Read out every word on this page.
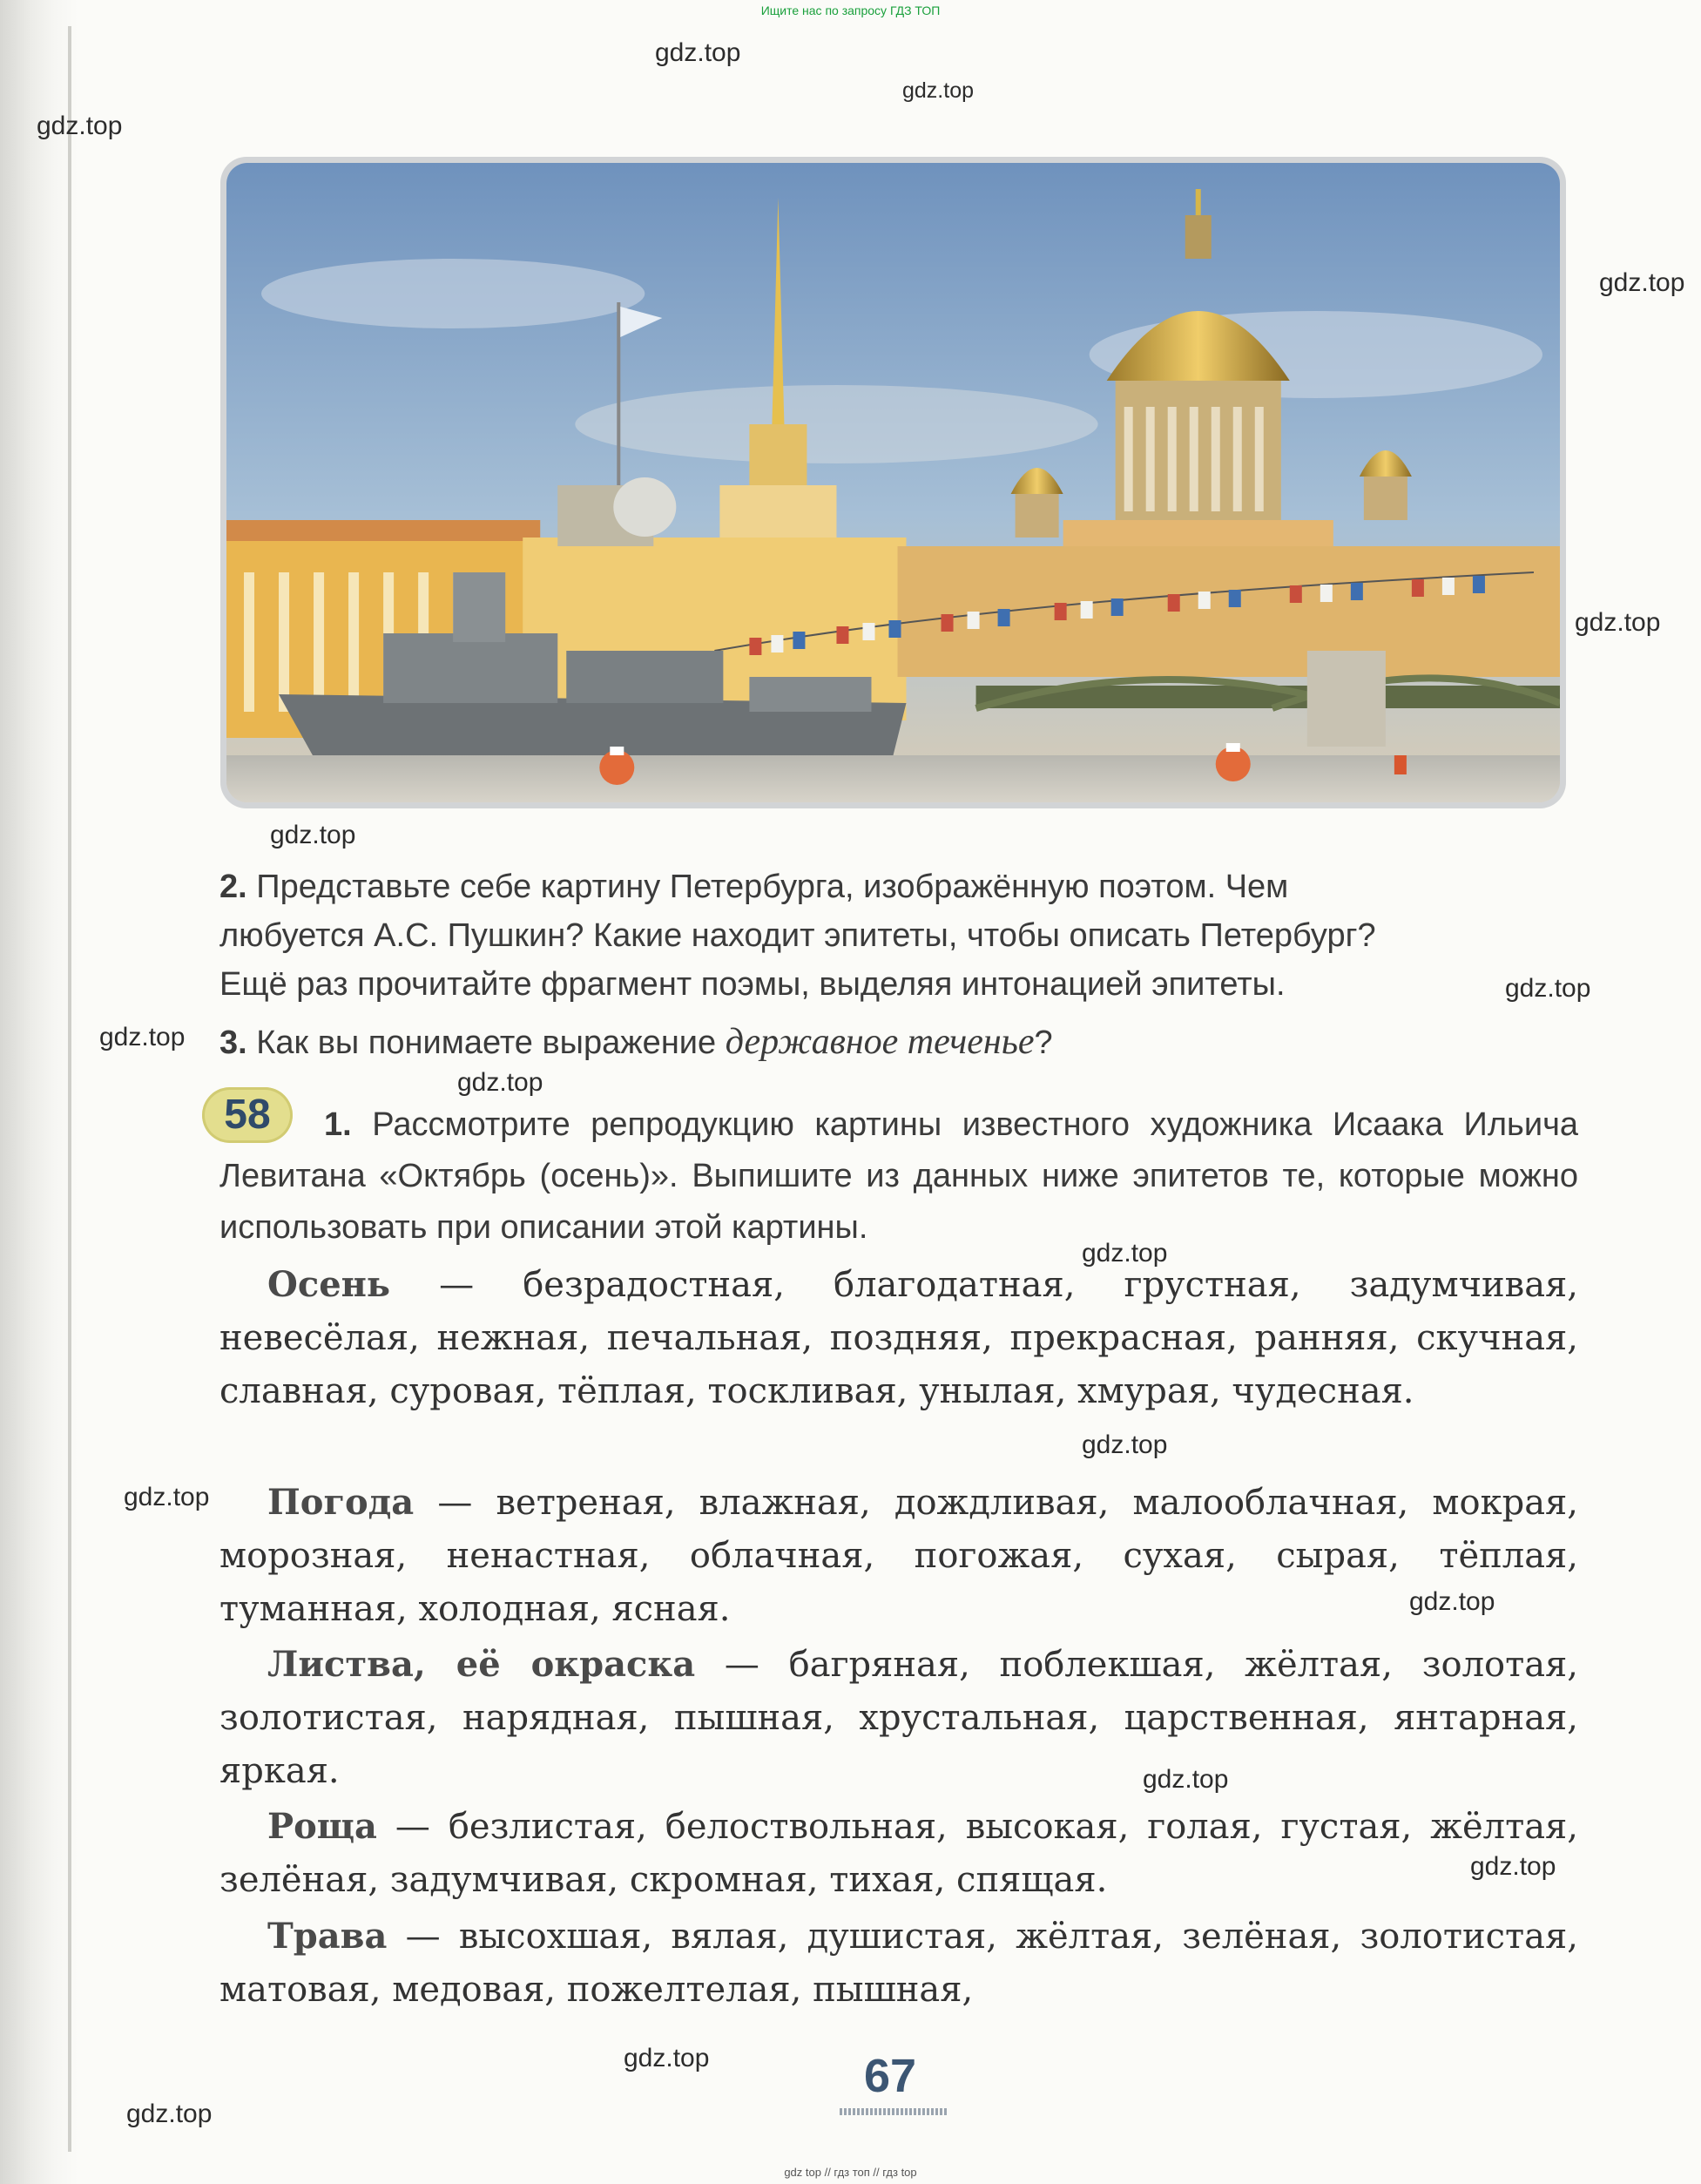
Ищите нас по запросу ГДЗ ТОП
gdz.top
gdz.top
gdz.top
gdz.top
gdz.top
gdz.top
gdz.top
gdz.top
gdz.top
gdz.top
gdz.top
gdz.top
gdz.top
gdz.top
gdz.top
gdz.top
gdz.top
2. Представьте себе картину Петербурга, изображённую поэтом. Чем
любуется А.С. Пушкин? Какие находит эпитеты, чтобы описать Петербург?
Ещё раз прочитайте фрагмент поэмы, выделяя интонацией эпитеты.
3. Как вы понимаете выражение державное теченье?
58	1. Рассмотрите репродукцию картины известного художника Исаака Ильича Левитана «Октябрь (осень)». Выпишите из данных ниже эпитетов те, которые можно использовать при описании этой картины.

Осень — безрадостная, благодатная, грустная, задумчивая, невесёлая, нежная, печальная, поздняя, прекрасная, ранняя, скучная, славная, суровая, тёплая, тоскливая, унылая, хмурая, чудесная.

Погода — ветреная, влажная, дождливая, малооблачная, мокрая, морозная, ненастная, облачная, погожая, сухая, сырая, тёплая, туманная, холодная, ясная.

Листва, её окраска — багряная, поблекшая, жёлтая, золотая, золотистая, нарядная, пышная, хрустальная, царственная, янтарная, яркая.

Роща — безлистая, белоствольная, высокая, голая, густая, жёлтая, зелёная, задумчивая, скромная, тихая, спящая.

Трава — высохшая, вялая, душистая, жёлтая, зелёная, золотистая, матовая, медовая, пожелтелая, пышная,

67
gdz top // гдз топ // гдз top
